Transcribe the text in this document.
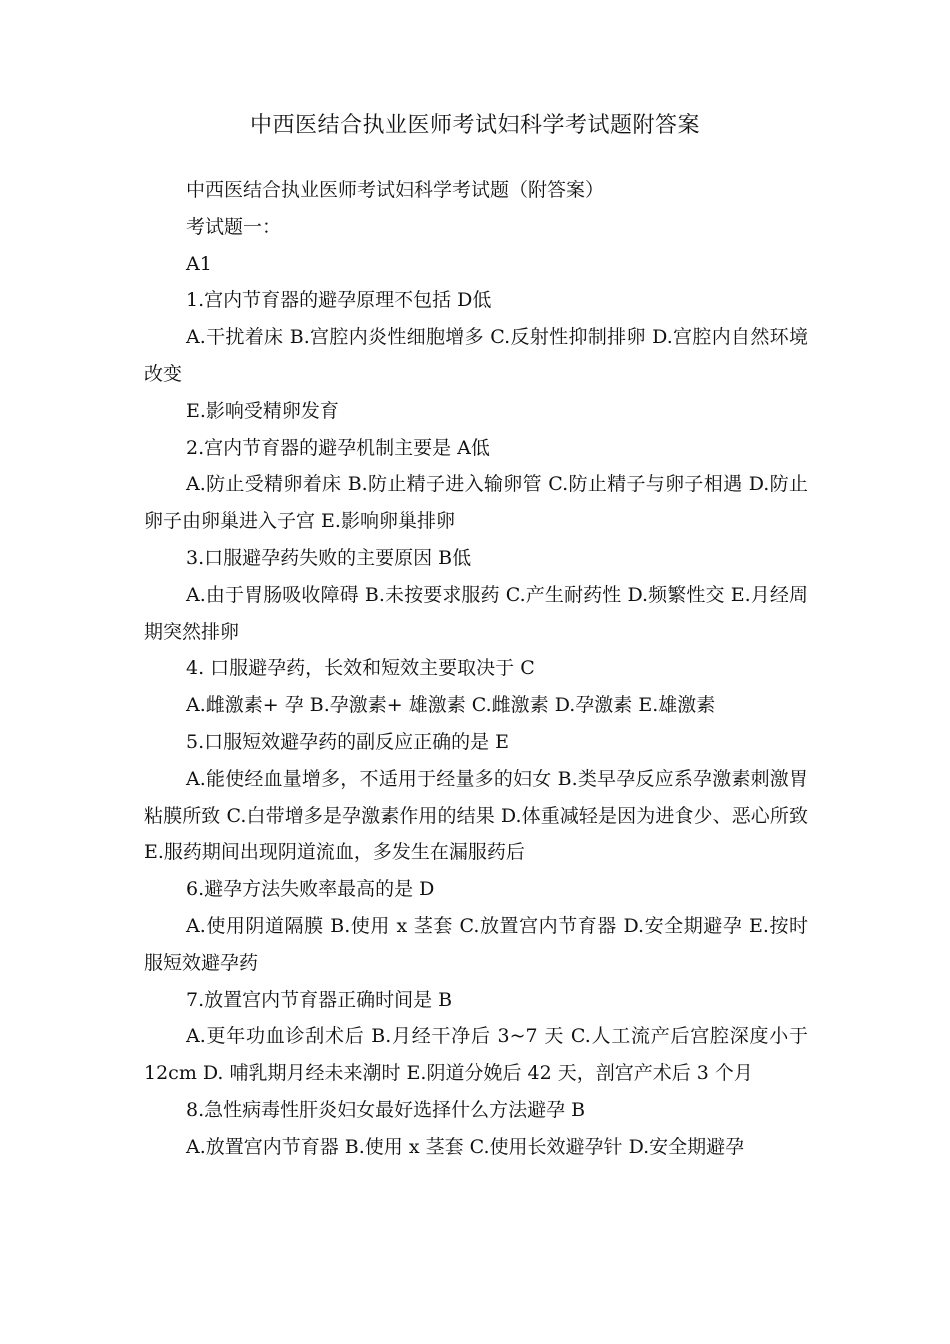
中西医结合执业医师考试妇科学考试题附答案

中西医结合执业医师考试妇科学考试题（附答案）

考试题一：

A1

1.宫内节育器的避孕原理不包括 D低

A.干扰着床 B.宫腔内炎性细胞增多 C.反射性抑制排卵 D.宫腔内自然环境改变

E.影响受精卵发育

2.宫内节育器的避孕机制主要是 A低

A.防止受精卵着床 B.防止精子进入输卵管 C.防止精子与卵子相遇 D.防止卵子由卵巢进入子宫 E.影响卵巢排卵

3.口服避孕药失败的主要原因 B低

A.由于胃肠吸收障碍 B.未按要求服药 C.产生耐药性 D.频繁性交 E.月经周期突然排卵

4. 口服避孕药，长效和短效主要取决于 C

A.雌激素+ 孕 B.孕激素+ 雄激素 C.雌激素 D.孕激素 E.雄激素

5.口服短效避孕药的副反应正确的是 E

A.能使经血量增多，不适用于经量多的妇女 B.类早孕反应系孕激素刺激胃粘膜所致 C.白带增多是孕激素作用的结果 D.体重减轻是因为进食少、恶心所致 E.服药期间出现阴道流血，多发生在漏服药后

6.避孕方法失败率最高的是 D

A.使用阴道隔膜 B.使用 x 茎套 C.放置宫内节育器 D.安全期避孕 E.按时服短效避孕药

7.放置宫内节育器正确时间是 B

A.更年功血诊刮术后 B.月经干净后 3~7 天 C.人工流产后宫腔深度小于 12cm D. 哺乳期月经未来潮时 E.阴道分娩后 42 天，剖宫产术后 3 个月

8.急性病毒性肝炎妇女最好选择什么方法避孕 B

A.放置宫内节育器 B.使用 x 茎套 C.使用长效避孕针 D.安全期避孕
